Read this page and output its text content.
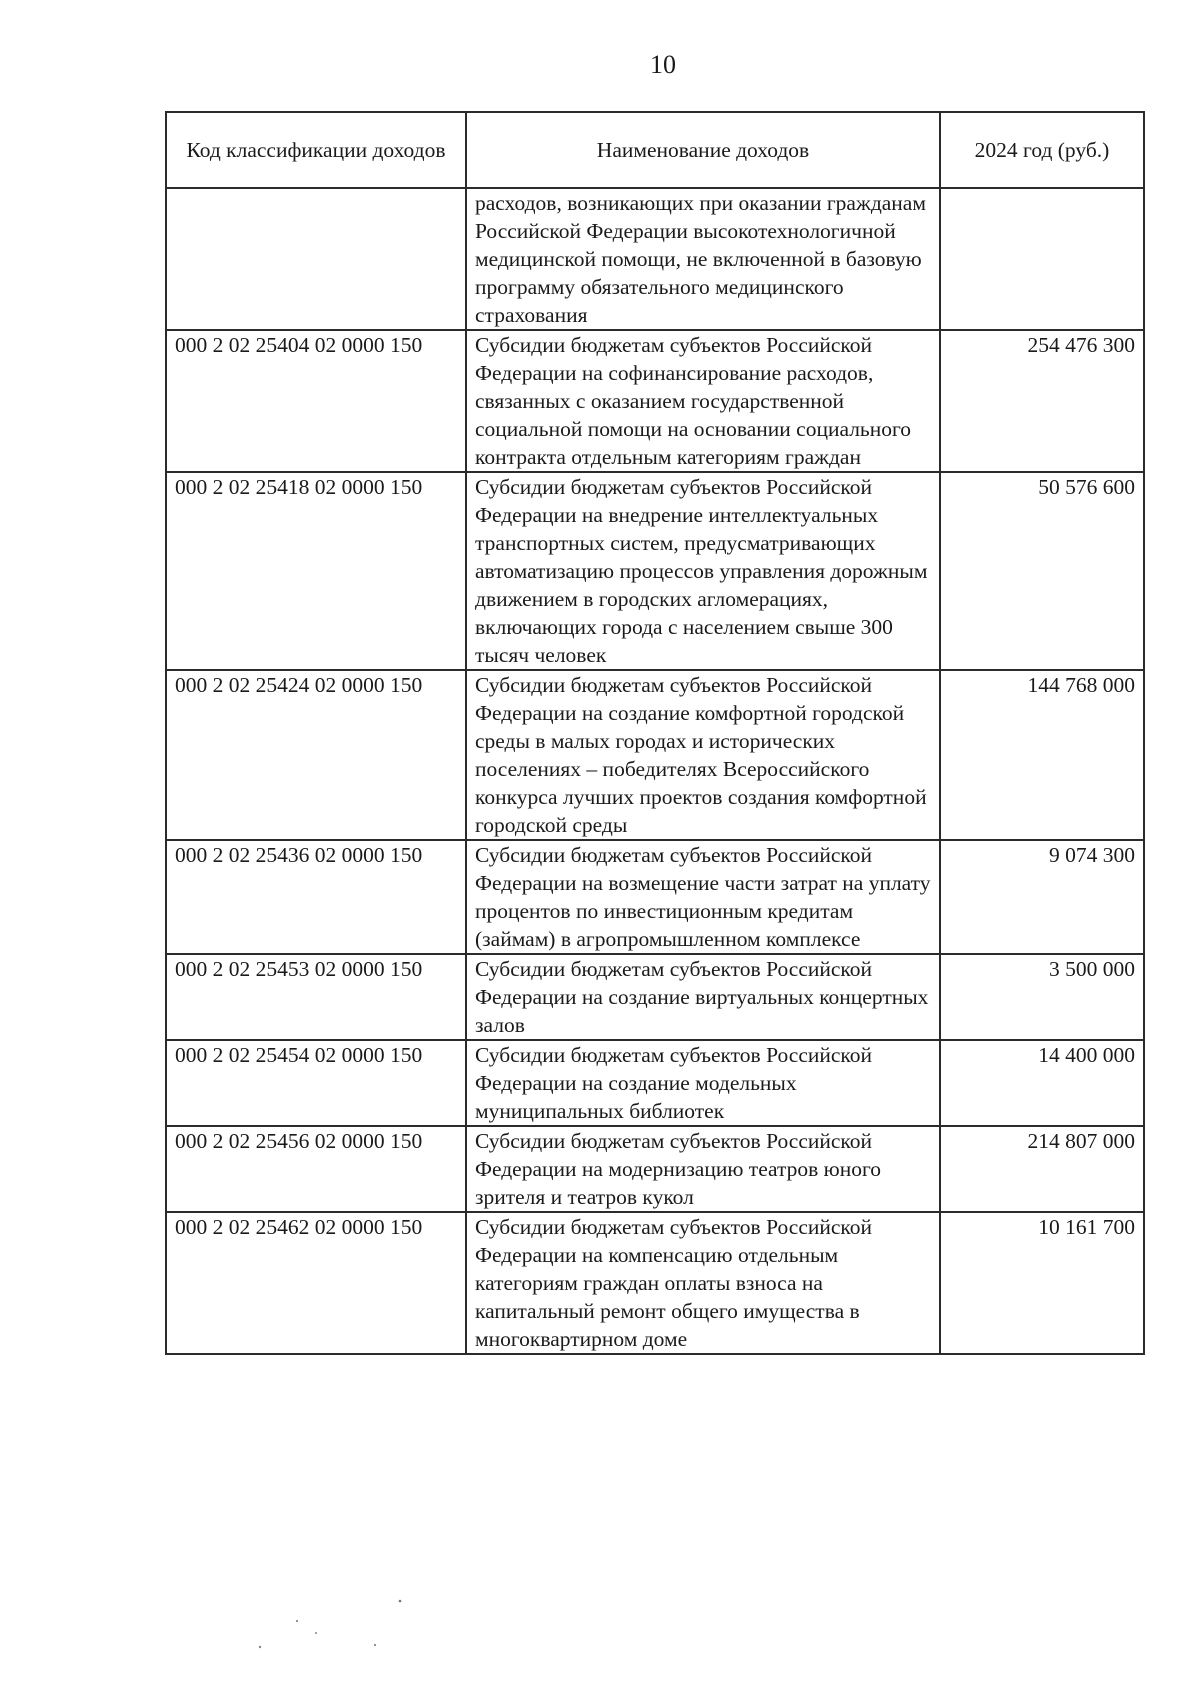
10
Код классификации доходов	Наименование доходов	2024 год (руб.)
	расходов, возникающих при оказании гражданам Российской Федерации высокотехнологичной медицинской помощи, не включенной в базовую программу обязательного медицинского страхования	
000 2 02 25404 02 0000 150	Субсидии бюджетам субъектов Российской Федерации на софинансирование расходов, связанных с оказанием государственной социальной помощи на основании социального контракта отдельным категориям граждан	254 476 300
000 2 02 25418 02 0000 150	Субсидии бюджетам субъектов Российской Федерации на внедрение интеллектуальных транспортных систем, предусматривающих автоматизацию процессов управления дорожным движением в городских агломерациях, включающих города с населением свыше 300 тысяч человек	50 576 600
000 2 02 25424 02 0000 150	Субсидии бюджетам субъектов Российской Федерации на создание комфортной городской среды в малых городах и исторических поселениях – победителях Всероссийского конкурса лучших проектов создания комфортной городской среды	144 768 000
000 2 02 25436 02 0000 150	Субсидии бюджетам субъектов Российской Федерации на возмещение части затрат на уплату процентов по инвестиционным кредитам (займам) в агропромышленном комплексе	9 074 300
000 2 02 25453 02 0000 150	Субсидии бюджетам субъектов Российской Федерации на создание виртуальных концертных залов	3 500 000
000 2 02 25454 02 0000 150	Субсидии бюджетам субъектов Российской Федерации на создание модельных муниципальных библиотек	14 400 000
000 2 02 25456 02 0000 150	Субсидии бюджетам субъектов Российской Федерации на модернизацию театров юного зрителя и театров кукол	214 807 000
000 2 02 25462 02 0000 150	Субсидии бюджетам субъектов Российской Федерации на компенсацию отдельным категориям граждан оплаты взноса на капитальный ремонт общего имущества в многоквартирном доме	10 161 700
